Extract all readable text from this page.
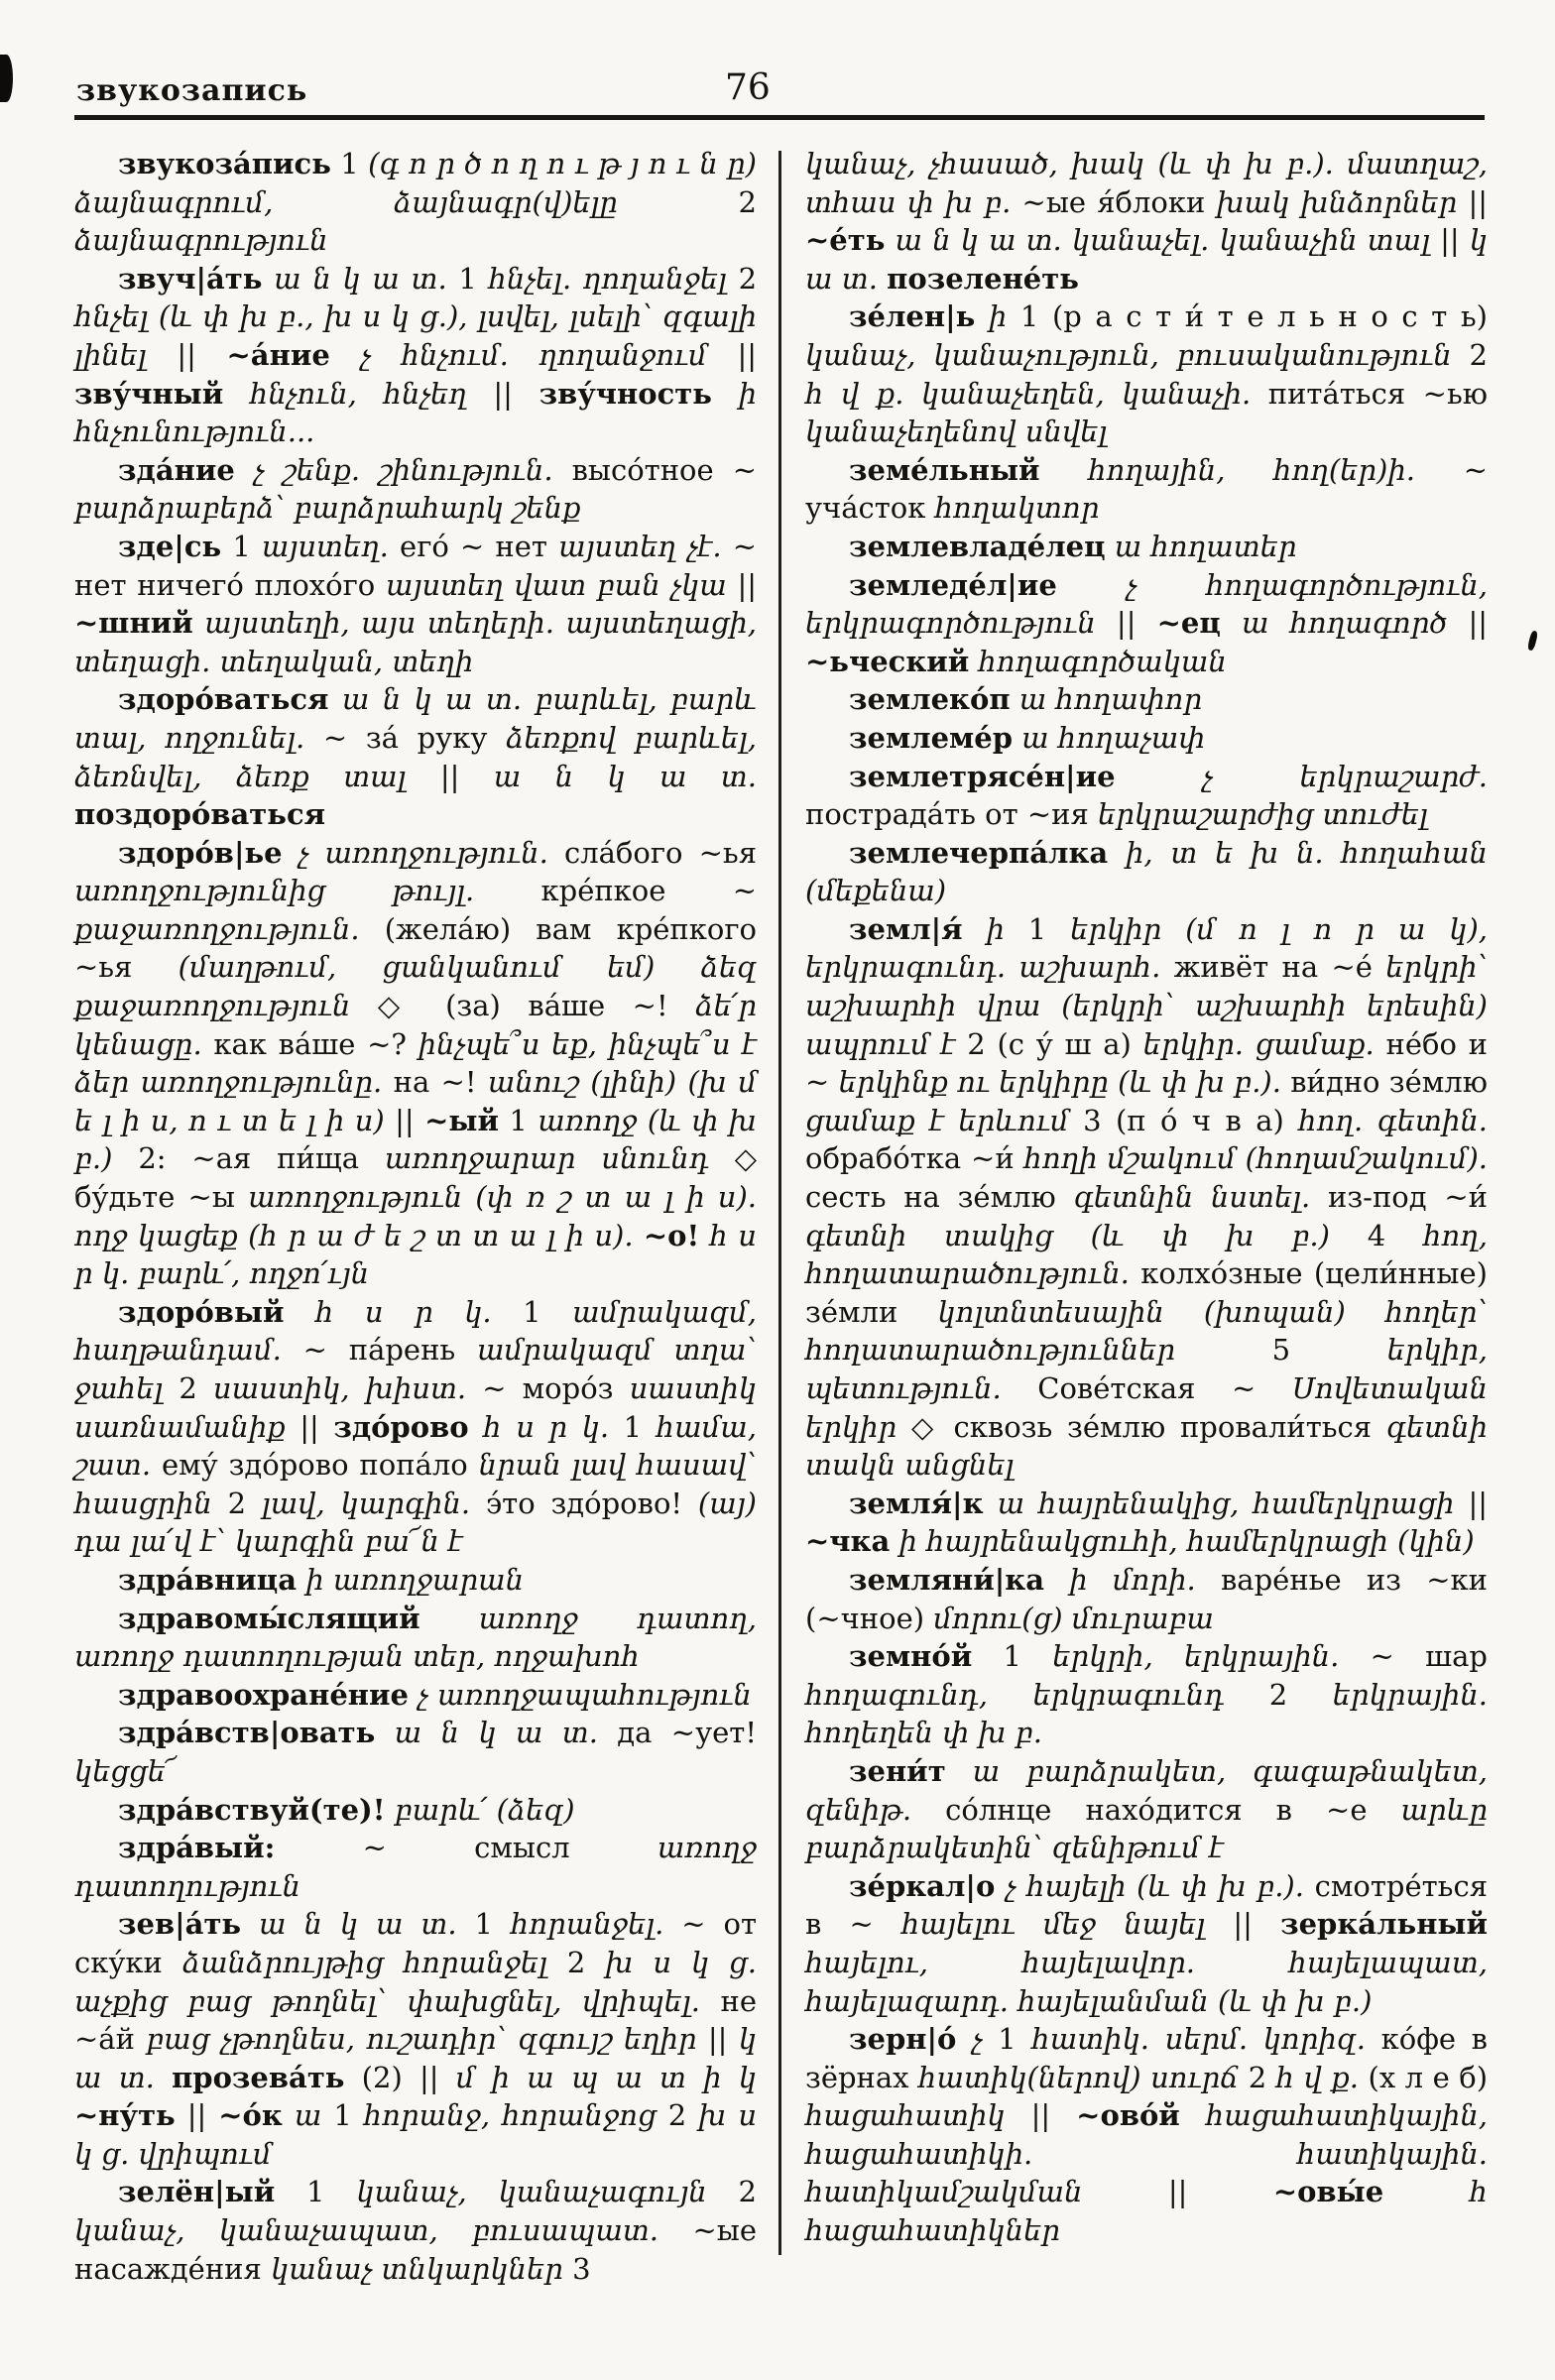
звукозапись	76

звукоза́пись 1 (գ ո ր ծ ո ղ ո ւ թ յ ո ւ ն ը) ձայնագրում, ձայնագր(վ)ելը 2 ձայնագրություն

звуч|а́ть ա ն կ ա տ. 1 հնչել. ղողանջել 2 հնչել (և փ խ բ., խ ս կ ց.), լսվել, լսելի՝ զգալի լինել || ~а́ние չ հնչում. ղողանջում || зву́чный հնչուն, հնչեղ || зву́чность ի հնչունություն...

зда́ние չ շենք. շինություն. высо́тное ~ բարձրաբերձ՝ բարձրահարկ շենք

зде|сь 1 այստեղ. его́ ~ нет այստեղ չէ. ~ нет ничего́ плохо́го այստեղ վատ բան չկա || ~шний այստեղի, այս տեղերի. այստեղացի, տեղացի. տեղական, տեղի

здоро́ваться ա ն կ ա տ. բարևել, բարև տալ, ողջունել. ~ за́ руку ձեռքով բարևել, ձեռնվել, ձեռք տալ || ա ն կ ա տ. поздоро́ваться

здоро́в|ье չ առողջություն. сла́бого ~ья առողջությունից թույլ. кре́пкое ~ քաջառողջություն. (жела́ю) вам кре́пкого ~ья (մաղթում, ցանկանում եմ) ձեզ քաջառողջություն ◇ (за) ва́ше ~! ձե՛ր կենացը. как ва́ше ~? ինչպե՞ս եք, ինչպե՞ս է ձեր առողջությունը. на ~! անուշ (լինի) (խ մ ե լ ի ս, ո ւ տ ե լ ի ս) || ~ый 1 առողջ (և փ խ բ.) 2: ~ая пи́ща առողջարար սնունդ ◇ бу́дьте ~ы առողջություն (փ ռ շ տ ա լ ի ս). ողջ կացեք (հ ր ա ժ ե շ տ տ ա լ ի ս). ~о! հ ս ր կ. բարև՛, ողջո՛ւյն

здоро́вый հ ս ր կ. 1 ամրակազմ, հաղթանդամ. ~ па́рень ամրակազմ տղա՝ ջահել 2 սաստիկ, խիստ. ~ моро́з սաստիկ սառնամանիք || здо́рово հ ս ր կ. 1 համա, շատ. ему́ здо́рово попа́ло նրան լավ հասավ՝ հասցրին 2 լավ, կարգին. э́то здо́рово! (այ) դա լա՛վ է՝ կարգին բա՜ն է

здра́вница ի առողջարան

здравомы́слящий առողջ դատող, առողջ դատողության տեր, ողջախոհ

здравоохране́ние չ առողջապահություն

здра́вств|овать ա ն կ ա տ. да ~ует! կեցցե՜

здра́вствуй(те)! բարև՛ (ձեզ)

здра́вый: ~ смысл առողջ դատողություն

зев|а́ть ա ն կ ա տ. 1 հորանջել. ~ от ску́ки ձանձրույթից հորանջել 2 խ ս կ ց. աչքից բաց թողնել՝ փախցնել, վրիպել. не ~а́й բաց չթողնես, ուշադիր՝ զգույշ եղիր || կ ա տ. прозева́ть (2) || մ ի ա պ ա տ ի կ ~ну́ть || ~о́к ա 1 հորանջ, հորանջոց 2 խ ս կ ց. վրիպում

зелён|ый 1 կանաչ, կանաչագույն 2 կանաչ, կանաչապատ, բուսապատ. ~ые насажде́ния կանաչ տնկարկներ 3

կանաչ, չհասած, խակ (և փ խ բ.). մատղաշ, տհաս փ խ բ. ~ые я́блоки խակ խնձորներ || ~е́ть ա ն կ ա տ. կանաչել. կանաչին տալ || կ ա տ. позелене́ть

зе́лен|ь ի 1 (р а с т и́ т е л ь н о с т ь) կանաչ, կանաչություն, բուսականություն 2 հ վ ք. կանաչեղեն, կանաչի. пита́ться ~ью կանաչեղենով սնվել

земе́льный հողային, հող(եր)ի. ~ уча́сток հողակտոր

землевладе́лец ա հողատեր

земледе́л|ие չ հողագործություն, երկրագործություն || ~ец ա հողագործ || ~ьческий հողագործական

землеко́п ա հողափոր

землеме́р ա հողաչափ

землетрясе́н|ие չ երկրաշարժ. пострада́ть от ~ия երկրաշարժից տուժել

землечерпа́лка ի, տ ե խ ն. հողահան (մեքենա)

земл|я́ ի 1 երկիր (մ ո լ ո ր ա կ), երկրագունդ. աշխարհ. живёт на ~е́ երկրի՝ աշխարհի վրա (երկրի՝ աշխարհի երեսին) ապրում է 2 (с у́ ш а) երկիր. ցամաք. не́бо и ~ երկինք ու երկիրը (և փ խ բ.). ви́дно зе́млю ցամաք է երևում 3 (п о́ ч в а) հող. գետին. обрабо́тка ~и́ հողի մշակում (հողամշակում). сесть на зе́млю գետնին նստել. из-под ~и́ գետնի տակից (և փ խ բ.) 4 հող, հողատարածություն. колхо́зные (цели́нные) зе́мли կոլտնտեսային (խոպան) հողեր՝ հողատարածություններ 5 երկիր, պետություն. Сове́тская ~ Սովետական երկիր ◇ сквозь зе́млю провали́ться գետնի տակն անցնել

земля́|к ա հայրենակից, համերկրացի || ~чка ի հայրենակցուհի, համերկրացի (կին)

земляни́|ка ի մորի. варе́нье из ~ки (~чное) մորու(ց) մուրաբա

земно́й 1 երկրի, երկրային. ~ шар հողագունդ, երկրագունդ 2 երկրային. հողեղեն փ խ բ.

зени́т ա բարձրակետ, գագաթնակետ, զենիթ. со́лнце нахо́дится в ~е արևը բարձրակետին՝ զենիթում է

зе́ркал|о չ հայելի (և փ խ բ.). смотре́ться в ~ հայելու մեջ նայել || зерка́льный հայելու, հայելավոր. հայելապատ, հայելազարդ. հայելանման (և փ խ բ.)

зерн|о́ չ 1 հատիկ. սերմ. կորիզ. ко́фе в зёрнах հատիկ(ներով) սուրճ 2 հ վ ք. (х л е б) հացահատիկ || ~ово́й հացահատիկային, հացահատիկի. հատիկային. հատիկամշակման || ~овы́е հ հացահատիկներ
